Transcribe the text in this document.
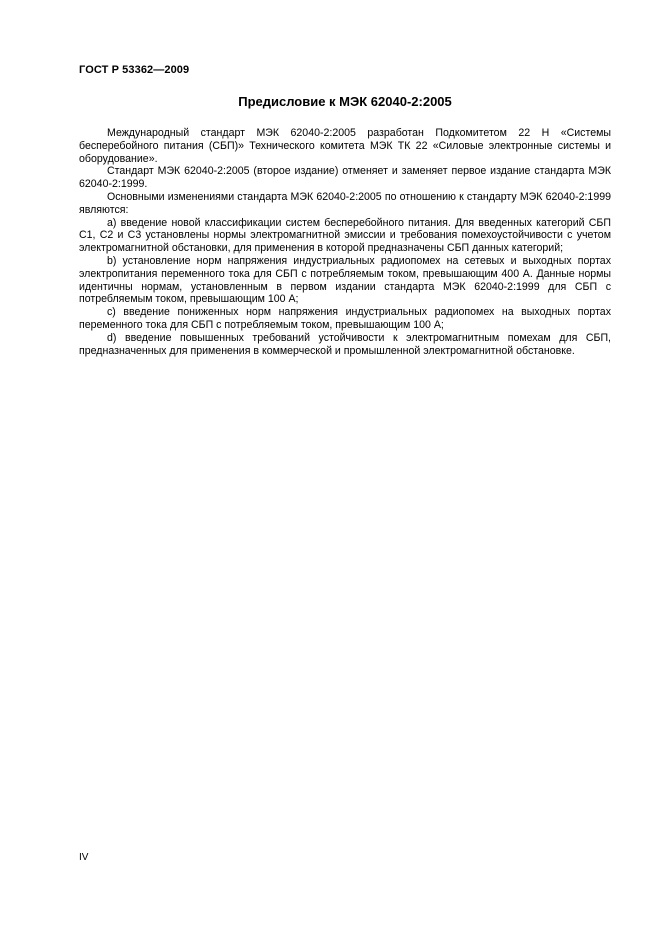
ГОСТ Р 53362—2009
Предисловие к МЭК 62040-2:2005

Международный стандарт МЭК 62040-2:2005 разработан Подкомитетом 22 Н «Системы бесперебойного питания (СБП)» Технического комитета МЭК ТК 22 «Силовые электронные системы и оборудование».

Стандарт МЭК 62040-2:2005 (второе издание) отменяет и заменяет первое издание стандарта МЭК 62040-2:1999.

Основными изменениями стандарта МЭК 62040-2:2005 по отношению к стандарту МЭК 62040-2:1999 являются:

a) введение новой классификации систем бесперебойного питания. Для введенных категорий СБП С1, С2 и С3 установлены нормы электромагнитной эмиссии и требования помехоустойчивости с учетом электромагнитной обстановки, для применения в которой предназначены СБП данных категорий;

b) установление норм напряжения индустриальных радиопомех на сетевых и выходных портах электропитания переменного тока для СБП с потребляемым током, превышающим 400 А. Данные нормы идентичны нормам, установленным в первом издании стандарта МЭК 62040-2:1999 для СБП с потребляемым током, превышающим 100 А;

c) введение пониженных норм напряжения индустриальных радиопомех на выходных портах переменного тока для СБП с потребляемым током, превышающим 100 А;

d) введение повышенных требований устойчивости к электромагнитным помехам для СБП, предназначенных для применения в коммерческой и промышленной электромагнитной обстановке.

IV
